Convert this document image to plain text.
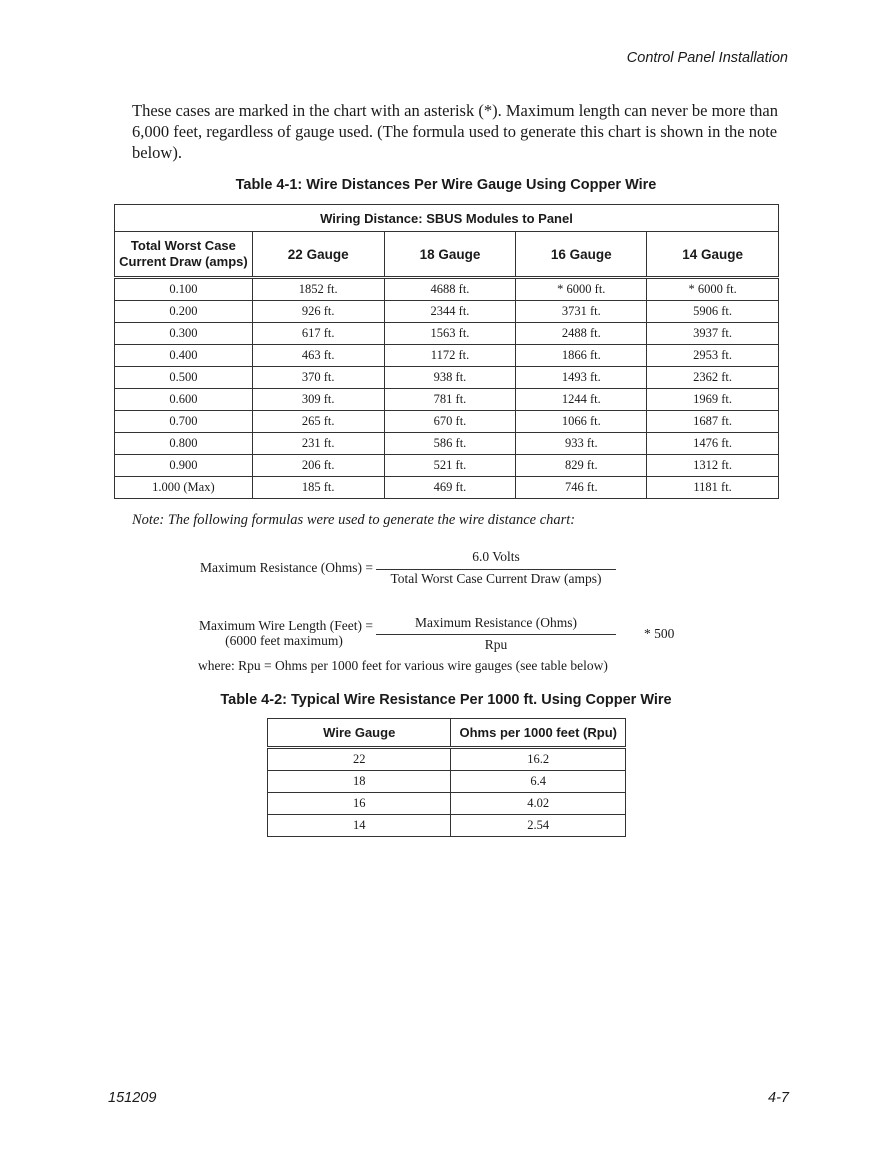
Control Panel Installation

These cases are marked in the chart with an asterisk (*). Maximum length can never be more than 6,000 feet, regardless of gauge used. (The formula used to generate this chart is shown in the note below).

Table 4-1: Wire Distances Per Wire Gauge Using Copper Wire
Wiring Distance: SBUS Modules to Panel				
Total Worst Case Current Draw (amps)	22 Gauge	18 Gauge	16 Gauge	14 Gauge
0.100	1852 ft.	4688 ft.	* 6000 ft.	* 6000 ft.
0.200	926 ft.	2344 ft.	3731 ft.	5906 ft.
0.300	617 ft.	1563 ft.	2488 ft.	3937 ft.
0.400	463 ft.	1172 ft.	1866 ft.	2953 ft.
0.500	370 ft.	938 ft.	1493 ft.	2362 ft.
0.600	309 ft.	781 ft.	1244 ft.	1969 ft.
0.700	265 ft.	670 ft.	1066 ft.	1687 ft.
0.800	231 ft.	586 ft.	933 ft.	1476 ft.
0.900	206 ft.	521 ft.	829 ft.	1312 ft.
1.000 (Max)	185 ft.	469 ft.	746 ft.	1181 ft.
Note: The following formulas were used to generate the wire distance chart:
Maximum Resistance (Ohms) =
6.0 Volts
Total Worst Case Current Draw (amps)
Maximum Wire Length (Feet) =
(6000 feet maximum)
Maximum Resistance (Ohms)
Rpu
* 500
where: Rpu = Ohms per 1000 feet for various wire gauges (see table below)
Table 4-2: Typical Wire Resistance Per 1000 ft. Using Copper Wire
Wire Gauge	Ohms per 1000 feet (Rpu)
22	16.2
18	6.4
16	4.02
14	2.54
151209	4-7
